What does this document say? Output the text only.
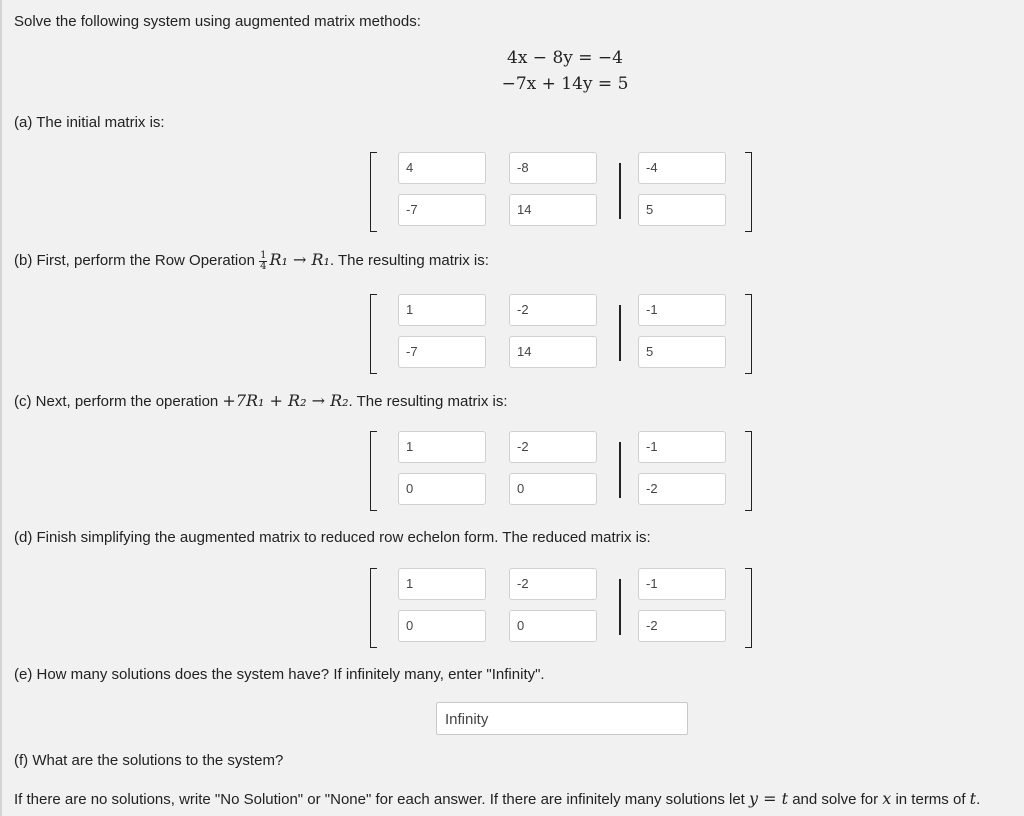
Solve the following system using augmented matrix methods:
4x − 8y = −4
−7x + 14y = 5
(a) The initial matrix is:
4	-8	-4
-7	14	5
(b) First, perform the Row Operation $\frac{1}{4} R_1 \to R_1$. The resulting matrix is:
1	-2	-1
-7	14	5
(c) Next, perform the operation +7R₁ + R₂ → R₂. The resulting matrix is:
1	-2	-1
0	0	-2
(d) Finish simplifying the augmented matrix to reduced row echelon form. The reduced matrix is:
1	-2	-1
0	0	-2
(e) How many solutions does the system have? If infinitely many, enter "Infinity".
Infinity
(f) What are the solutions to the system?
If there are no solutions, write "No Solution" or "None" for each answer. If there are infinitely many solutions let y = t and solve for x in terms of t.
